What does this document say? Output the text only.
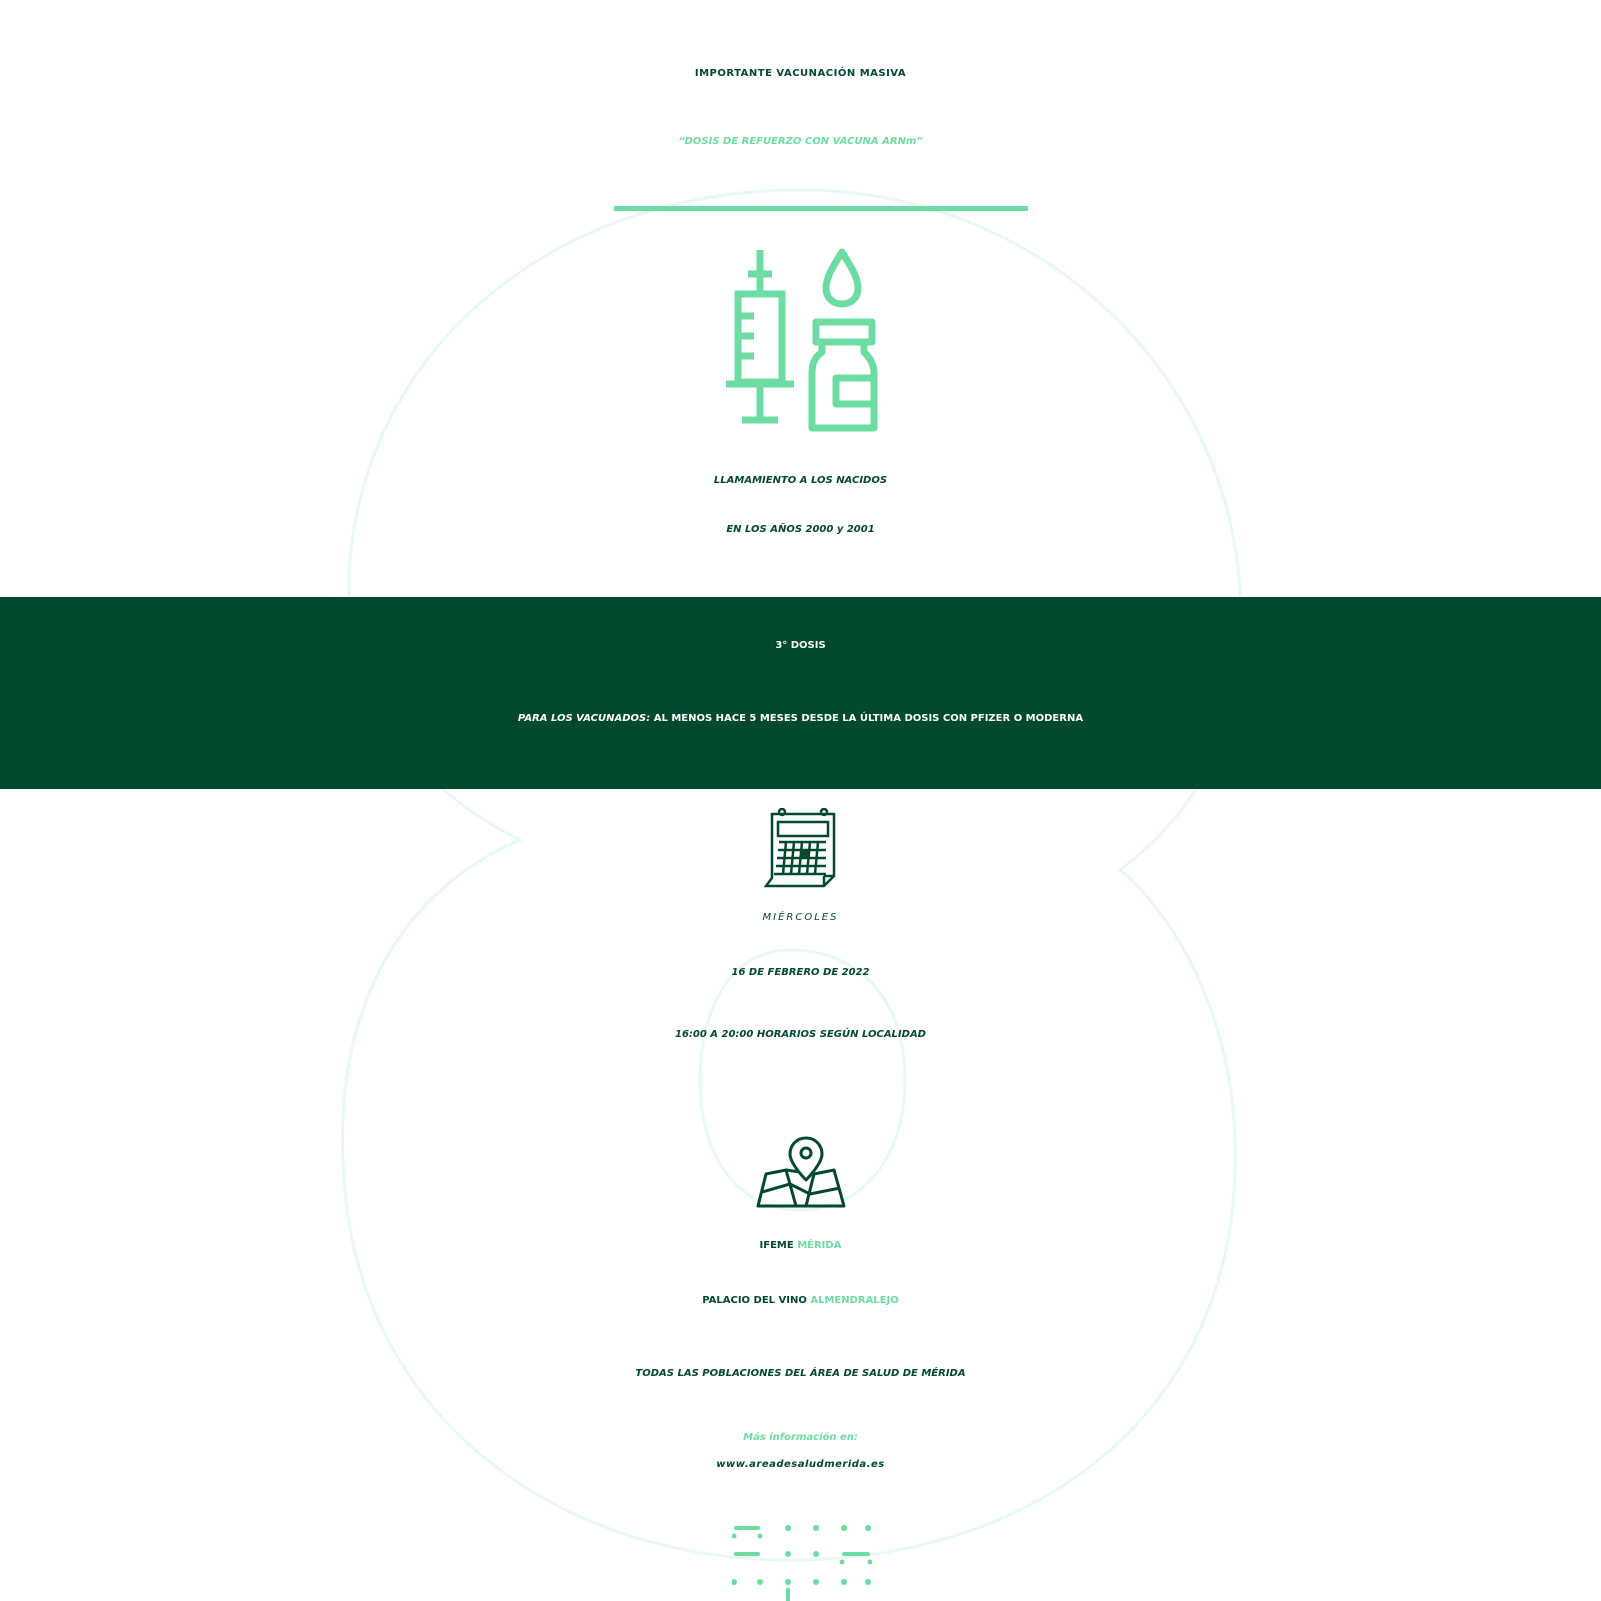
IMPORTANTE VACUNACIÓN MASIVA
“DOSIS DE REFUERZO CON VACUNA ARNm”
LLAMAMIENTO A LOS NACIDOS
EN LOS AÑOS 2000 y 2001
3° DOSIS
PARA LOS VACUNADOS: AL MENOS HACE 5 MESES DESDE LA ÚLTIMA DOSIS CON PFIZER O MODERNA
MIÉRCOLES
16 DE FEBRERO DE 2022
16:00 A 20:00 HORARIOS SEGÚN LOCALIDAD
IFEME MÉRIDA
PALACIO DEL VINO ALMENDRALEJO
TODAS LAS POBLACIONES DEL ÁREA DE SALUD DE MÉRIDA
Más información en:
www.areadesaludmerida.es
